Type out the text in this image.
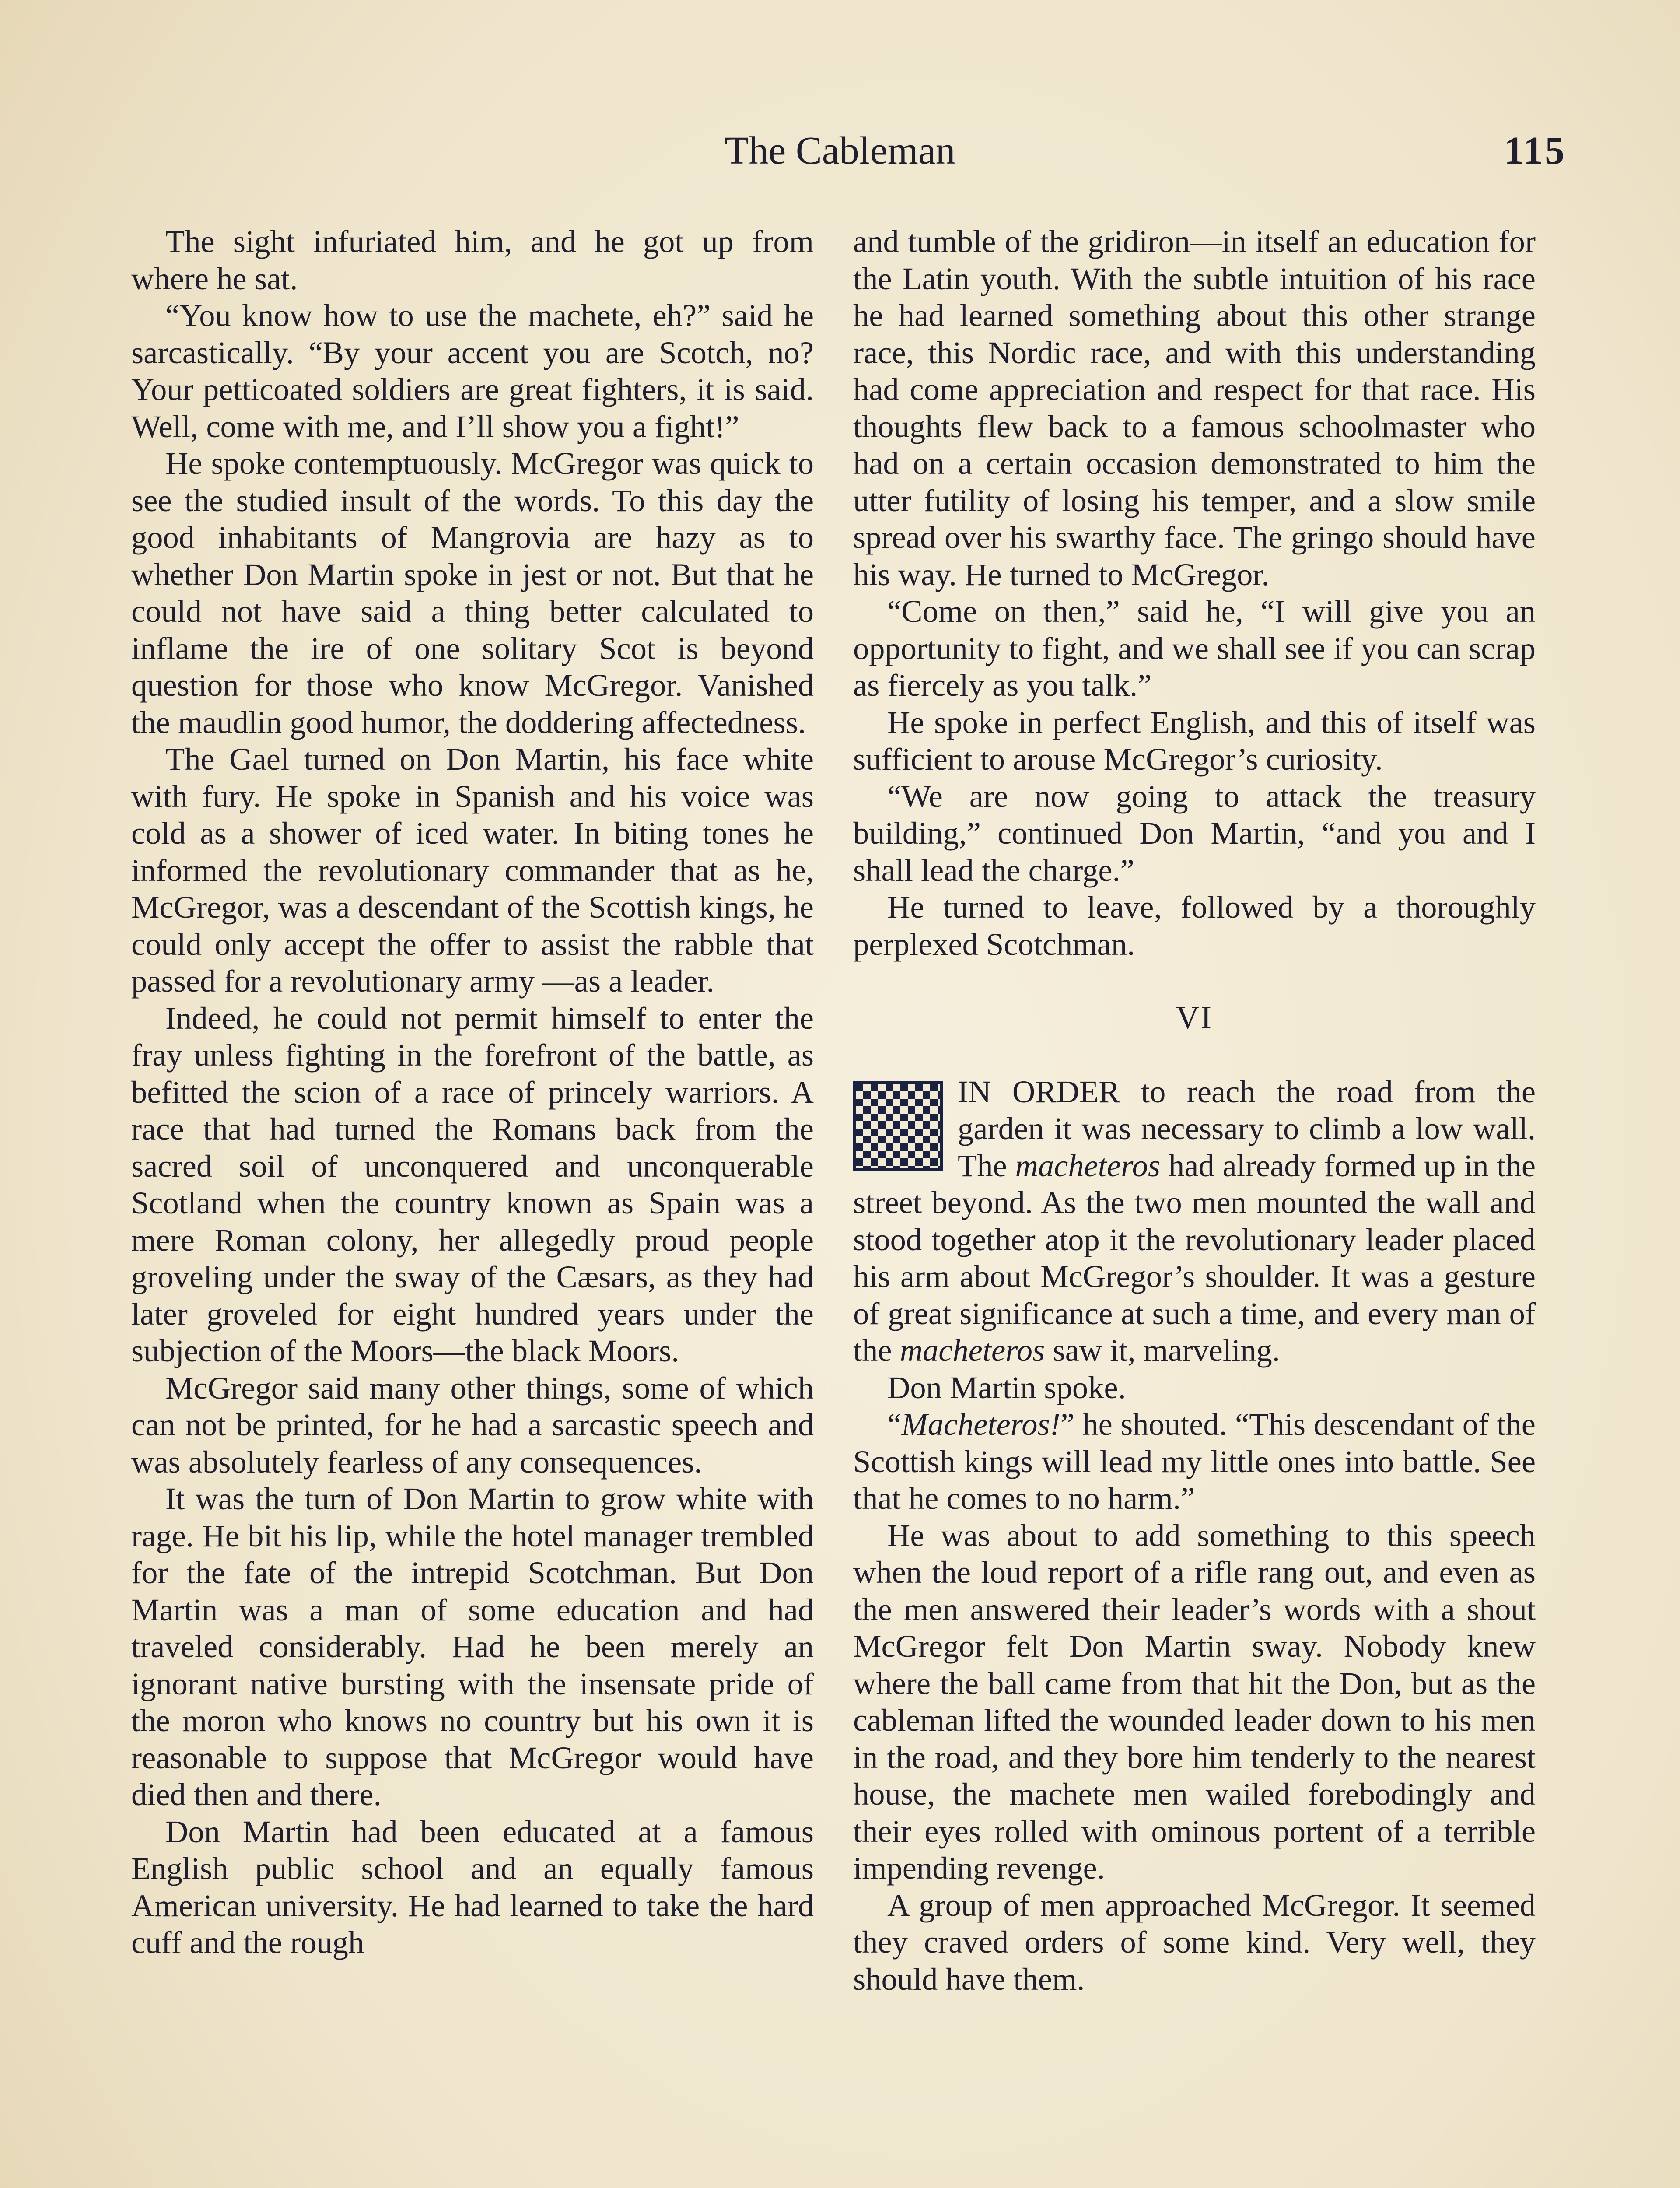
The Cableman	115

The sight infuriated him, and he got up from where he sat.

“You know how to use the machete, eh?” said he sarcastically. “By your accent you are Scotch, no? Your petticoated soldiers are great fighters, it is said. Well, come with me, and I’ll show you a fight!”

He spoke contemptuously. McGregor was quick to see the studied insult of the words. To this day the good inhabitants of Mangrovia are hazy as to whether Don Martin spoke in jest or not. But that he could not have said a thing better calculated to inflame the ire of one solitary Scot is beyond question for those who know McGregor. Vanished the maudlin good humor, the doddering affectedness.

The Gael turned on Don Martin, his face white with fury. He spoke in Spanish and his voice was cold as a shower of iced water. In biting tones he informed the revolutionary commander that as he, McGregor, was a descendant of the Scottish kings, he could only accept the offer to assist the rabble that passed for a revolutionary army —as a leader.

Indeed, he could not permit himself to enter the fray unless fighting in the forefront of the battle, as befitted the scion of a race of princely warriors. A race that had turned the Romans back from the sacred soil of unconquered and unconquerable Scotland when the country known as Spain was a mere Roman colony, her allegedly proud people groveling under the sway of the Cæsars, as they had later groveled for eight hundred years under the subjection of the Moors—the black Moors.

McGregor said many other things, some of which can not be printed, for he had a sarcastic speech and was absolutely fearless of any consequences.

It was the turn of Don Martin to grow white with rage. He bit his lip, while the hotel manager trembled for the fate of the intrepid Scotchman. But Don Martin was a man of some education and had traveled considerably. Had he been merely an ignorant native bursting with the insensate pride of the moron who knows no country but his own it is reasonable to suppose that McGregor would have died then and there.

Don Martin had been educated at a famous English public school and an equally famous American university. He had learned to take the hard cuff and the rough

and tumble of the gridiron—in itself an education for the Latin youth. With the subtle intuition of his race he had learned something about this other strange race, this Nordic race, and with this understanding had come appreciation and respect for that race. His thoughts flew back to a famous schoolmaster who had on a certain occasion demonstrated to him the utter futility of losing his temper, and a slow smile spread over his swarthy face. The gringo should have his way. He turned to McGregor.

“Come on then,” said he, “I will give you an opportunity to fight, and we shall see if you can scrap as fiercely as you talk.”

He spoke in perfect English, and this of itself was sufficient to arouse McGregor’s curiosity.

“We are now going to attack the treasury building,” continued Don Martin, “and you and I shall lead the charge.”

He turned to leave, followed by a thoroughly perplexed Scotchman.

VI

IN ORDER to reach the road from the garden it was necessary to climb a low wall. The macheteros had already formed up in the street beyond. As the two men mounted the wall and stood together atop it the revolutionary leader placed his arm about McGregor’s shoulder. It was a gesture of great significance at such a time, and every man of the macheteros saw it, marveling.

Don Martin spoke.

“Macheteros!” he shouted. “This descendant of the Scottish kings will lead my little ones into battle. See that he comes to no harm.”

He was about to add something to this speech when the loud report of a rifle rang out, and even as the men answered their leader’s words with a shout McGregor felt Don Martin sway. Nobody knew where the ball came from that hit the Don, but as the cableman lifted the wounded leader down to his men in the road, and they bore him tenderly to the nearest house, the machete men wailed forebodingly and their eyes rolled with ominous portent of a terrible impending revenge.

A group of men approached McGregor. It seemed they craved orders of some kind. Very well, they should have them.
